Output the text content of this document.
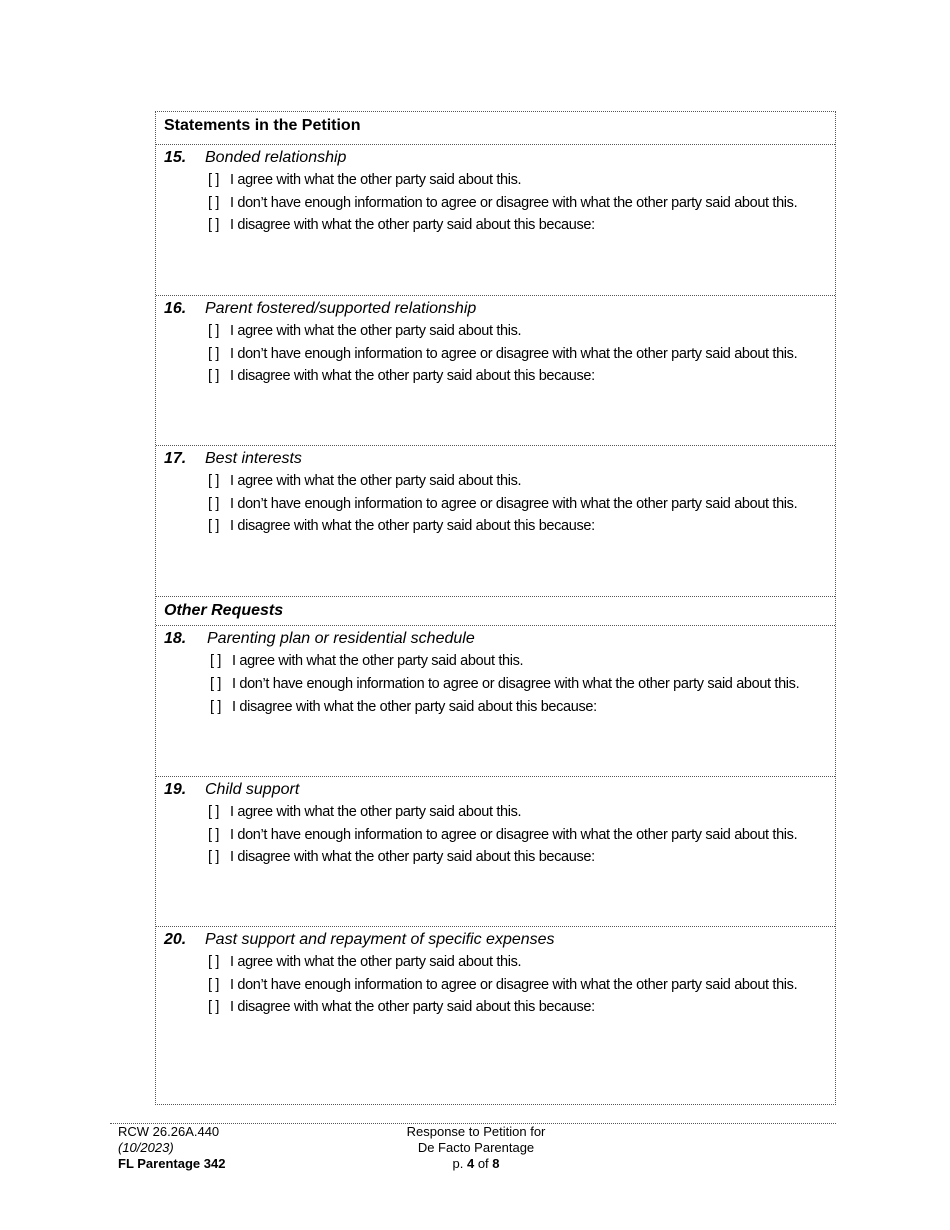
Statements in the Petition
15. Bonded relationship
[ ] I agree with what the other party said about this.
[ ] I don’t have enough information to agree or disagree with what the other party said about this.
[ ] I disagree with what the other party said about this because:
16. Parent fostered/supported relationship
[ ] I agree with what the other party said about this.
[ ] I don’t have enough information to agree or disagree with what the other party said about this.
[ ] I disagree with what the other party said about this because:
17. Best interests
[ ] I agree with what the other party said about this.
[ ] I don’t have enough information to agree or disagree with what the other party said about this.
[ ] I disagree with what the other party said about this because:
Other Requests
18. Parenting plan or residential schedule
[ ] I agree with what the other party said about this.
[ ] I don’t have enough information to agree or disagree with what the other party said about this.
[ ] I disagree with what the other party said about this because:
19. Child support
[ ] I agree with what the other party said about this.
[ ] I don’t have enough information to agree or disagree with what the other party said about this.
[ ] I disagree with what the other party said about this because:
20. Past support and repayment of specific expenses
[ ] I agree with what the other party said about this.
[ ] I don’t have enough information to agree or disagree with what the other party said about this.
[ ] I disagree with what the other party said about this because:
RCW 26.26A.440
(10/2023)
FL Parentage 342
Response to Petition for
De Facto Parentage
p. 4 of 8
